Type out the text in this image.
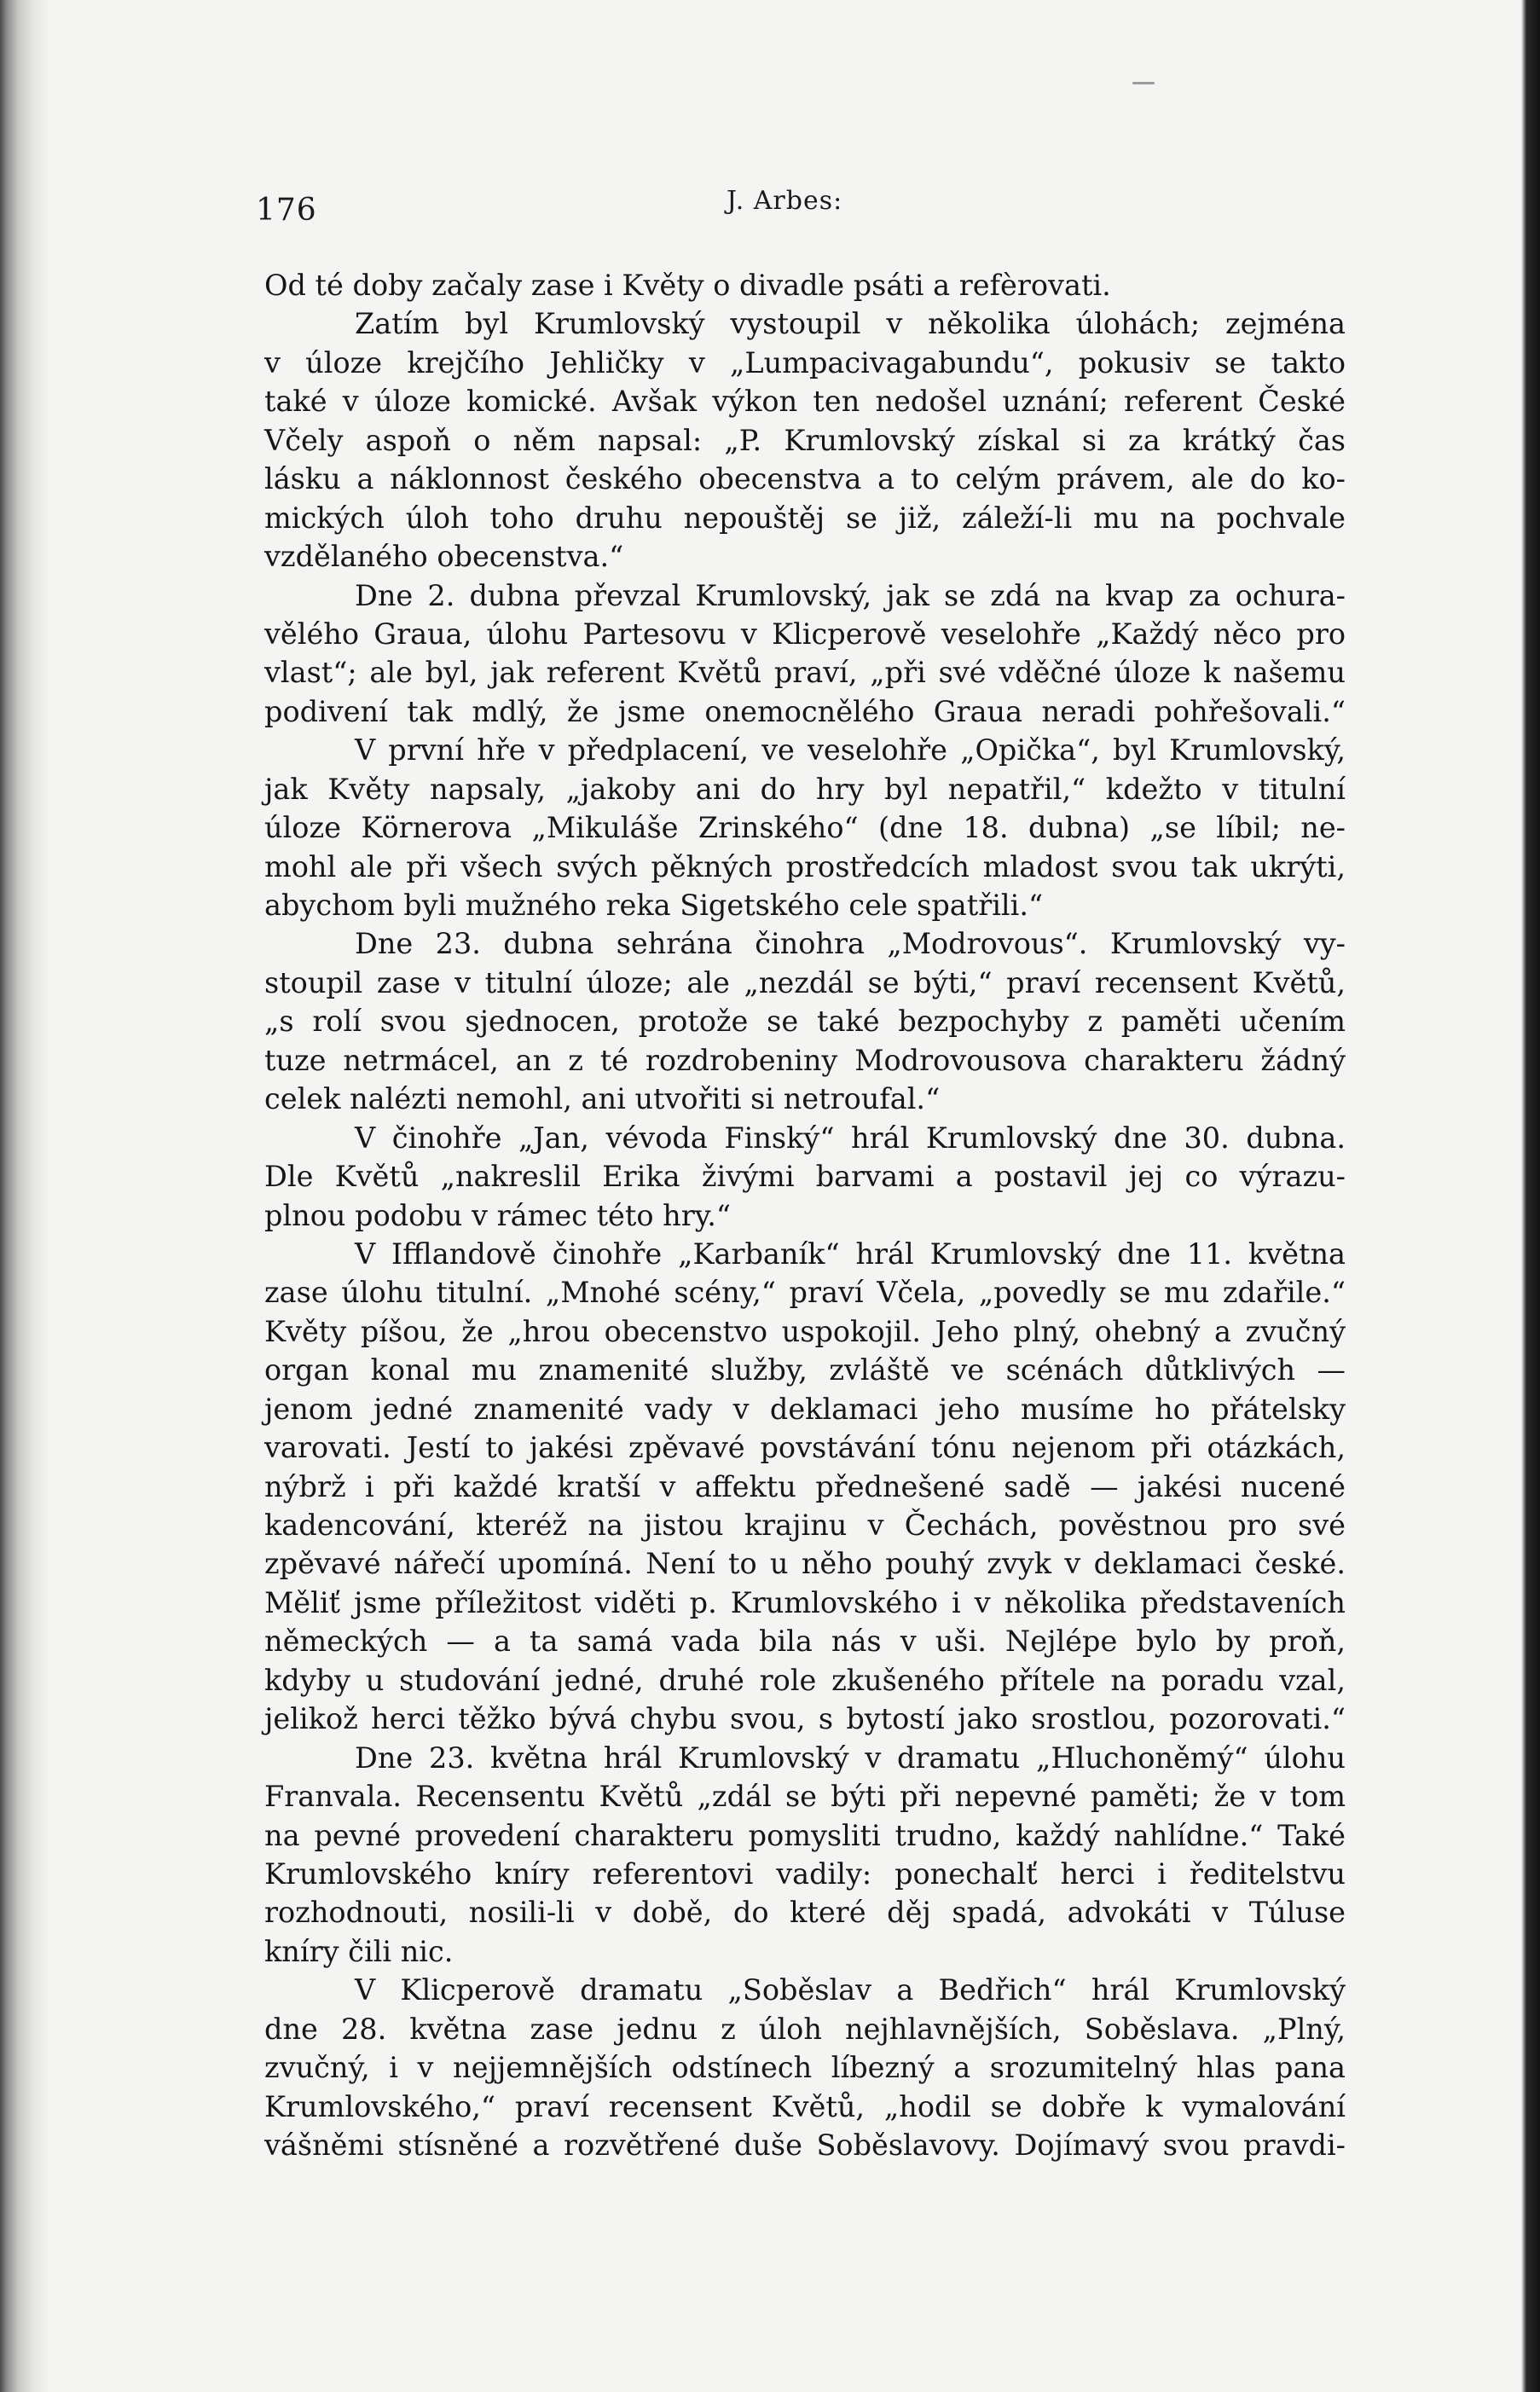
176	J. Arbes:
Od té doby začaly zase i Květy o divadle psáti a refèrovati.
Zatím byl Krumlovský vystoupil v několika úlohách; zejména
v úloze krejčího Jehličky v „Lumpacivagabundu“, pokusiv se takto
také v úloze komické. Avšak výkon ten nedošel uznání; referent České
Včely aspoň o něm napsal: „P. Krumlovský získal si za krátký čas
lásku a náklonnost českého obecenstva a to celým právem, ale do ko-
mických úloh toho druhu nepouštěj se již, záleží-li mu na pochvale
vzdělaného obecenstva.“
Dne 2. dubna převzal Krumlovský, jak se zdá na kvap za ochura-
vělého Graua, úlohu Partesovu v Klicperově veselohře „Každý něco pro
vlast“; ale byl, jak referent Květů praví, „při své vděčné úloze k našemu
podivení tak mdlý, že jsme onemocnělého Graua neradi pohřešovali.“
V první hře v předplacení, ve veselohře „Opička“, byl Krumlovský,
jak Květy napsaly, „jakoby ani do hry byl nepatřil,“ kdežto v titulní
úloze Körnerova „Mikuláše Zrinského“ (dne 18. dubna) „se líbil; ne-
mohl ale při všech svých pěkných prostředcích mladost svou tak ukrýti,
abychom byli mužného reka Sigetského cele spatřili.“
Dne 23. dubna sehrána činohra „Modrovous“. Krumlovský vy-
stoupil zase v titulní úloze; ale „nezdál se býti,“ praví recensent Květů,
„s rolí svou sjednocen, protože se také bezpochyby z paměti učením
tuze netrmácel, an z té rozdrobeniny Modrovousova charakteru žádný
celek nalézti nemohl, ani utvořiti si netroufal.“
V činohře „Jan, vévoda Finský“ hrál Krumlovský dne 30. dubna.
Dle Květů „nakreslil Erika živými barvami a postavil jej co výrazu-
plnou podobu v rámec této hry.“
V Ifflandově činohře „Karbaník“ hrál Krumlovský dne 11. května
zase úlohu titulní. „Mnohé scény,“ praví Včela, „povedly se mu zdařile.“
Květy píšou, že „hrou obecenstvo uspokojil. Jeho plný, ohebný a zvučný
organ konal mu znamenité služby, zvláště ve scénách důtklivých —
jenom jedné znamenité vady v deklamaci jeho musíme ho přátelsky
varovati. Jestí to jakési zpěvavé povstávání tónu nejenom při otázkách,
nýbrž i při každé kratší v affektu přednešené sadě — jakési nucené
kadencování, kteréž na jistou krajinu v Čechách, pověstnou pro své
zpěvavé nářečí upomíná. Není to u něho pouhý zvyk v deklamaci české.
Měliť jsme příležitost viděti p. Krumlovského i v několika představeních
německých — a ta samá vada bila nás v uši. Nejlépe bylo by proň,
kdyby u studování jedné, druhé role zkušeného přítele na poradu vzal,
jelikož herci těžko bývá chybu svou, s bytostí jako srostlou, pozorovati.“
Dne 23. května hrál Krumlovský v dramatu „Hluchoněmý“ úlohu
Franvala. Recensentu Květů „zdál se býti při nepevné paměti; že v tom
na pevné provedení charakteru pomysliti trudno, každý nahlídne.“ Také
Krumlovského kníry referentovi vadily: ponechalť herci i ředitelstvu
rozhodnouti, nosili-li v době, do které děj spadá, advokáti v Túluse
kníry čili nic.
V Klicperově dramatu „Soběslav a Bedřich“ hrál Krumlovský
dne 28. května zase jednu z úloh nejhlavnějších, Soběslava. „Plný,
zvučný, i v nejjemnějších odstínech líbezný a srozumitelný hlas pana
Krumlovského,“ praví recensent Květů, „hodil se dobře k vymalování
vášněmi stísněné a rozvětřené duše Soběslavovy. Dojímavý svou pravdi-
